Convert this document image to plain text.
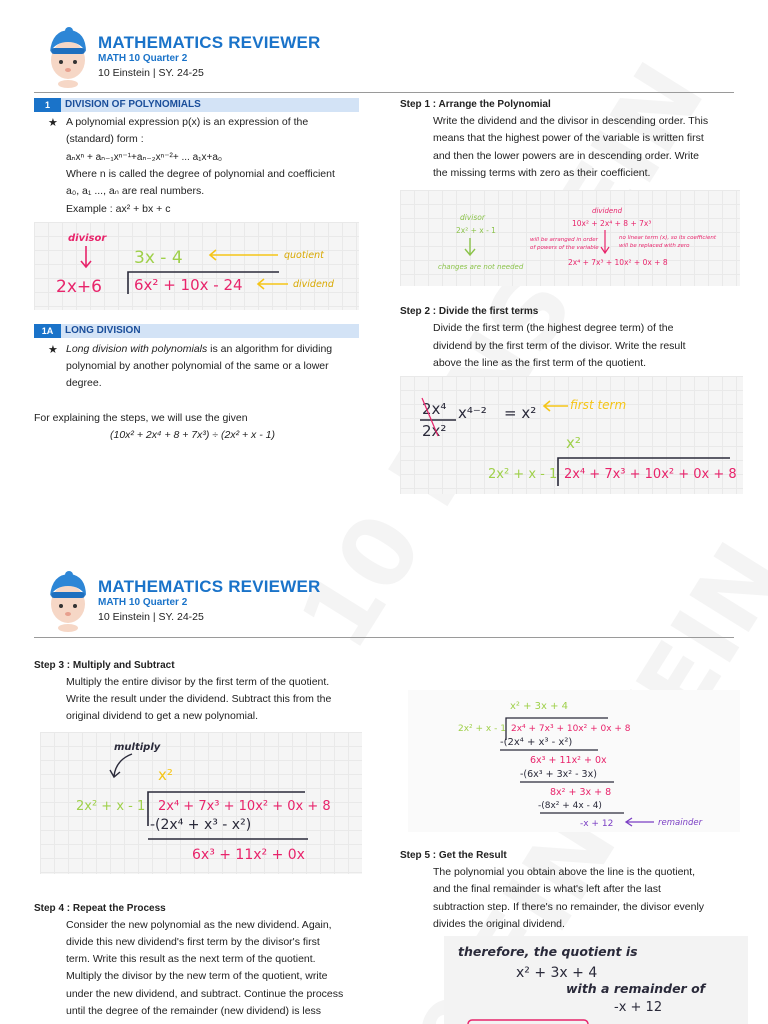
MATHEMATICS REVIEWER
MATH 10 Quarter 2
10 Einstein | SY. 24-25
1	DIVISION OF POLYNOMIALS
★ A polynomial expression p(x) is an expression of the
(standard) form :
aₙxⁿ + aₙ₋₁xⁿ⁻¹+aₙ₋₂xⁿ⁻²+ ... a₁x+a₀
Where n is called the degree of polynomial and coefficient
a₀, a₁ ..., aₙ are real numbers.
Example : ax² + bx + c
divisor
2x+6
3x - 4	quotient
6x² + 10x - 24	dividend
1A	LONG DIVISION
★ Long division with polynomials is an algorithm for dividing
polynomial by another polynomial of the same or a lower
degree.
For explaining the steps, we will use the given
(10x² + 2x⁴ + 8 + 7x³) ÷ (2x² + x - 1)
Step 1 : Arrange the Polynomial
Write the dividend and the divisor in descending order. This
means that the highest power of the variable is written first
and then the lower powers are in descending order. Write
the missing terms with zero as their coefficient.
divisor
2x² + x - 1
changes are not needed
dividend
10x² + 2x⁴ + 8 + 7x³
will be arranged in order
of powers of the variable
no linear term (x), so its coefficient
will be replaced with zero
2x⁴ + 7x³ + 10x² + 0x + 8
Step 2 : Divide the first terms
Divide the first term (the highest degree term) of the
dividend by the first term of the divisor. Write the result
above the line as the first term of the quotient.
2x⁴
2x²
x⁴⁻² = x²	first term
x²
2x² + x - 1 2x⁴ + 7x³ + 10x² + 0x + 8
MATHEMATICS REVIEWER
MATH 10 Quarter 2
10 Einstein | SY. 24-25
Step 3 : Multiply and Subtract
Multiply the entire divisor by the first term of the quotient.
Write the result under the dividend. Subtract this from the
original dividend to get a new polynomial.
multiply
x²
2x² + x - 1 2x⁴ + 7x³ + 10x² + 0x + 8
-(2x⁴ + x³ - x²)
6x³ + 11x² + 0x
x² + 3x + 4
2x² + x - 1 2x⁴ + 7x³ + 10x² + 0x + 8
-(2x⁴ + x³ - x²)
6x³ + 11x² + 0x
-(6x³ + 3x² - 3x)
8x² + 3x + 8
-(8x² + 4x - 4)
-x + 12	remainder
Step 5 : Get the Result
The polynomial you obtain above the line is the quotient,
and the final remainder is what's left after the last
subtraction step. If there's no remainder, the divisor evenly
divides the original dividend.
therefore, the quotient is
x² + 3x + 4
with a remainder of
-x + 12
Step 4 : Repeat the Process
Consider the new polynomial as the new dividend. Again,
divide this new dividend's first term by the divisor's first
term. Write this result as the next term of the quotient.
Multiply the divisor by the new term of the quotient, write
under the new dividend, and subtract. Continue the process
until the degree of the remainder (new dividend) is less
